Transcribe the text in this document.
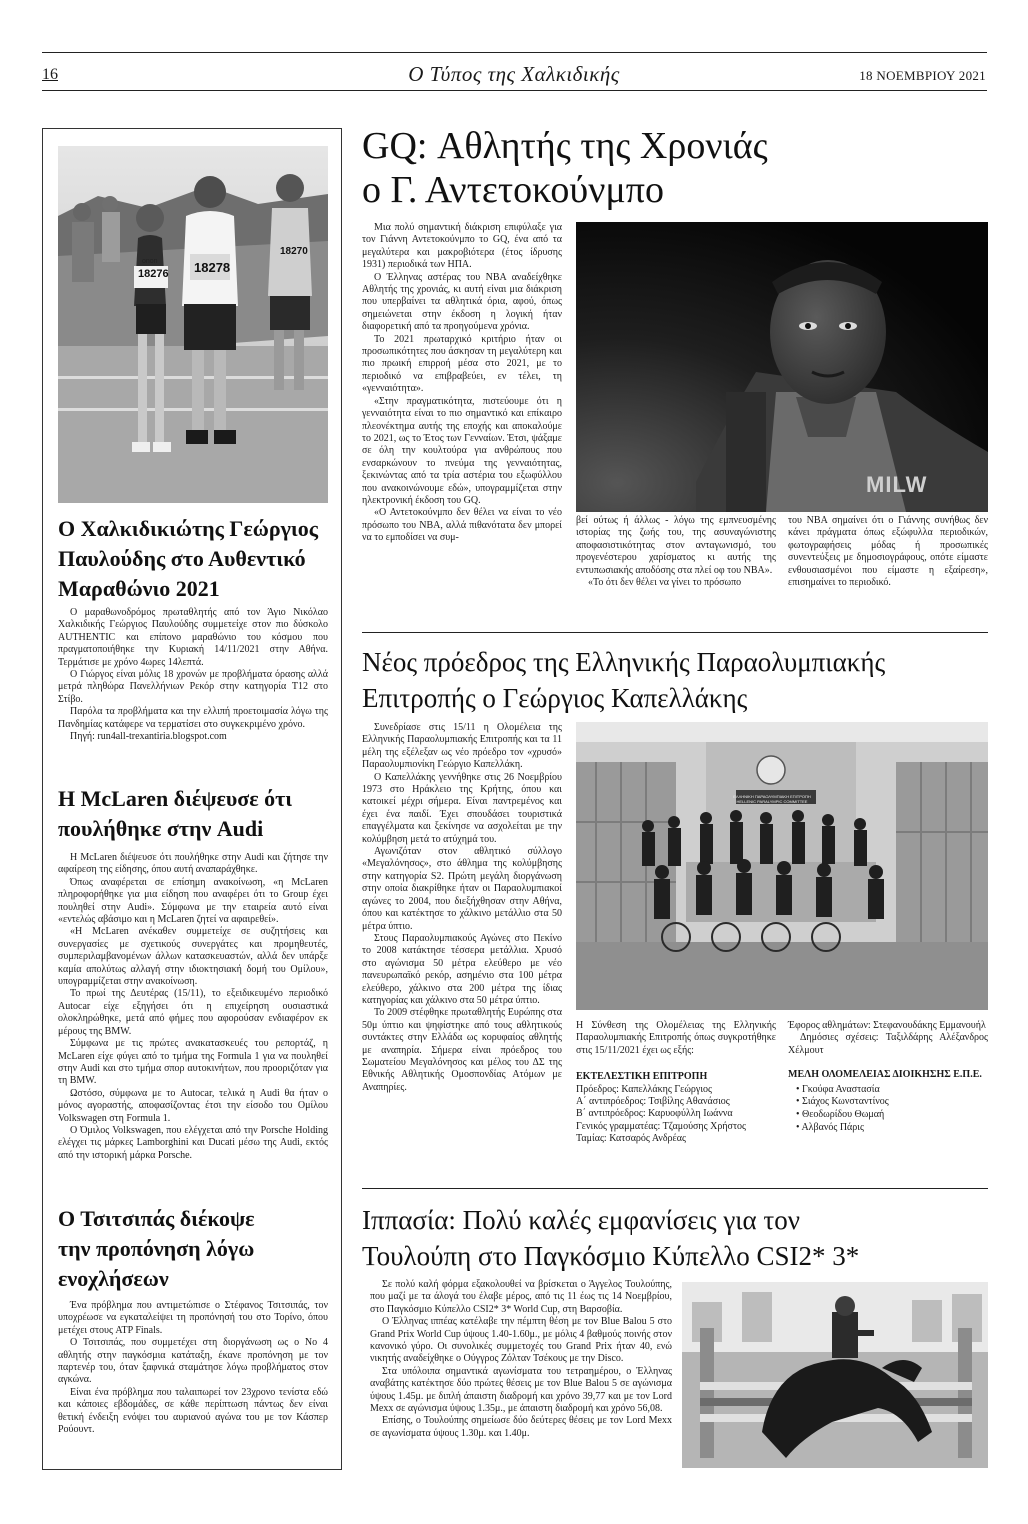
16	Ο Τύπος της Χαλκιδικής	18 ΝΟΕΜΒΡΙΟΥ 2021
onon
18276 18278
18270
Ο Χαλκιδικιώτης Γεώργιος Παυλούδης στο Αυθεντικό Μαραθώνιο 2021

Ο μαραθωνοδρόμος πρωταθλητής από τον Άγιο Νικόλαο Χαλκιδικής Γεώργιος Παυλούδης συμμετείχε στον πιο δύσκολο AUTHENTIC και επίπονο μαραθώνιο του κόσμου που πραγματοποιήθηκε την Κυριακή 14/11/2021 στην Αθήνα. Τερμάτισε με χρόνο 4ωρες 14λεπτά.

Ο Γιώργος είναι μόλις 18 χρονών με προβλήματα όρασης αλλά μετρά πληθώρα Πανελλήνιων Ρεκόρ στην κατηγορία T12 στο Στίβο.

Παρόλα τα προβλήματα και την ελλιπή προετοιμασία λόγω της Πανδημίας κατάφερε να τερματίσει στο συγκεκριμένο χρόνο.

Πηγή: run4all-trexantiria.blogspot.com

Η McLaren διέψευσε ότι πουλήθηκε στην Audi

Η McLaren διέψευσε ότι πουλήθηκε στην Audi και ζήτησε την αφαίρεση της είδησης, όπου αυτή αναπαράχθηκε.

Όπως αναφέρεται σε επίσημη ανακοίνωση, «η McLaren πληροφορήθηκε για μια είδηση που αναφέρει ότι το Group έχει πουληθεί στην Audi». Σύμφωνα με την εταιρεία αυτό είναι «εντελώς αβάσιμο και η McLaren ζητεί να αφαιρεθεί».

«Η McLaren ανέκαθεν συμμετείχε σε συζητήσεις και συνεργασίες με σχετικούς συνεργάτες και προμηθευτές, συμπεριλαμβανομένων άλλων κατασκευαστών, αλλά δεν υπάρξε καμία απολύτως αλλαγή στην ιδιοκτησιακή δομή του Ομίλου», υπογραμμίζεται στην ανακοίνωση.

Το πρωί της Δευτέρας (15/11), το εξειδικευμένο περιοδικό Autocar είχε εξηγήσει ότι η επιχείρηση ουσιαστικά ολοκληρώθηκε, μετά από φήμες που αφορούσαν ενδιαφέρον εκ μέρους της BMW.

Σύμφωνα με τις πρώτες ανακατασκευές του ρεπορτάζ, η McLaren είχε φύγει από το τμήμα της Formula 1 για να πουληθεί στην Audi και στο τμήμα σπορ αυτοκινήτων, που προοριζόταν για τη BMW.

Ωστόσο, σύμφωνα με το Autocar, τελικά η Audi θα ήταν ο μόνος αγοραστής, αποφασίζοντας έτσι την είσοδο του Ομίλου Volkswagen στη Formula 1.

Ο Όμιλος Volkswagen, που ελέγχεται από την Porsche Holding ελέγχει τις μάρκες Lamborghini και Ducati μέσω της Audi, εκτός από την ιστορική μάρκα Porsche.

Ο Τσιτσιπάς διέκοψε την προπόνηση λόγω ενοχλήσεων

Ένα πρόβλημα που αντιμετώπισε ο Στέφανος Τσιτσιπάς, τον υποχρέωσε να εγκαταλείψει τη προπόνησή του στο Τορίνο, όπου μετέχει στους ATP Finals.

Ο Τσιτσιπάς, που συμμετέχει στη διοργάνωση ως ο Νο 4 αθλητής στην παγκόσμια κατάταξη, έκανε προπόνηση με τον παρτενέρ του, όταν ξαφνικά σταμάτησε λόγω προβλήματος στον αγκώνα.

Είναι ένα πρόβλημα που ταλαιπωρεί τον 23χρονο τενίστα εδώ και κάποιες εβδομάδες, σε κάθε περίπτωση πάντως δεν είναι θετική ένδειξη ενόψει του αυριανού αγώνα του με τον Κάσπερ Ρούουντ.

GQ: Αθλητής της Χρονιάς
ο Γ. Αντετοκούνμπο

Μια πολύ σημαντική διάκριση επιφύλαξε για τον Γιάννη Αντετοκούνμπο το GQ, ένα από τα μεγαλύτερα και μακροβιότερα (έτος ίδρυσης 1931) περιοδικά των ΗΠΑ.

Ο Έλληνας αστέρας του NBA αναδείχθηκε Αθλητής της χρονιάς, κι αυτή είναι μια διάκριση που υπερβαίνει τα αθλητικά όρια, αφού, όπως σημειώνεται στην έκδοση η λογική ήταν διαφορετική από τα προηγούμενα χρόνια.

Το 2021 πρωταρχικό κριτήριο ήταν οι προσωπικότητες που άσκησαν τη μεγαλύτερη και πιο πρωική επιρροή μέσα στο 2021, με το περιοδικό να επιβραβεύει, εν τέλει, τη «γενναιότητα».

«Στην πραγματικότητα, πιστεύουμε ότι η γενναιότητα είναι το πιο σημαντικό και επίκαιρο πλεονέκτημα αυτής της εποχής και αποκαλούμε το 2021, ως το Έτος των Γενναίων. Έτσι, ψάξαμε σε όλη την κουλτούρα για ανθρώπους που ενσαρκώνουν το πνεύμα της γενναιότητας, ξεκινώντας από τα τρία αστέρια του εξωφύλλου που ανακοινώνουμε εδώ», υπογραμμίζεται στην ηλεκτρονική έκδοση του GQ.

«Ο Αντετοκούνμπο δεν θέλει να είναι το νέο πρόσωπο του NBA, αλλά πιθανότατα δεν μπορεί να το εμποδίσει να συμ-

MILW

βεί ούτως ή άλλως - λόγω της εμπνευσμένης ιστορίας της ζωής του, της ασυναγώνιστης αποφασιστικότητας στον ανταγωνισμό, του προγενέστερου χαρίσματος κι αυτής της εντυπωσιακής αποδόσης στα πλεί οφ του NBA».

«Το ότι δεν θέλει να γίνει το πρόσωπο

του NBA σημαίνει ότι ο Γιάννης συνήθως δεν κάνει πράγματα όπως εξώφυλλα περιοδικών, φωτογραφήσεις μόδας ή προσωπικές συνεντεύξεις με δημοσιογράφους, οπότε είμαστε ενθουσιασμένοι που είμαστε η εξαίρεση», επισημαίνει το περιοδικό.

Νέος πρόεδρος της Ελληνικής Παραολυμπιακής
Επιτροπής ο Γεώργιος Καπελλάκης

Συνεδρίασε στις 15/11 η Ολομέλεια της Ελληνικής Παραολυμπιακής Επιτροπής και τα 11 μέλη της εξέλεξαν ως νέο πρόεδρο τον «χρυσό» Παραολυμπιονίκη Γεώργιο Καπελλάκη.

Ο Καπελλάκης γεννήθηκε στις 26 Νοεμβρίου 1973 στο Ηράκλειο της Κρήτης, όπου και κατοικεί μέχρι σήμερα. Είναι παντρεμένος και έχει ένα παιδί. Έχει σπουδάσει τουριστικά επαγγέλματα και ξεκίνησε να ασχολείται με την κολύμβηση μετά το ατύχημά του.

Αγωνιζόταν στον αθλητικό σύλλογο «Μεγαλόνησος», στο άθλημα της κολύμβησης στην κατηγορία S2. Πρώτη μεγάλη διοργάνωση στην οποία διακρίθηκε ήταν οι Παραολυμπιακοί αγώνες το 2004, που διεξήχθησαν στην Αθήνα, όπου και κατέκτησε το χάλκινο μετάλλιο στα 50 μέτρα ύπτιο.

Στους Παραολυμπιακούς Αγώνες στο Πεκίνο το 2008 κατάκτησε τέσσερα μετάλλια. Χρυσό στο αγώνισμα 50 μέτρα ελεύθερο με νέο πανευρωπαϊκό ρεκόρ, ασημένιο στα 100 μέτρα ελεύθερο, χάλκινο στα 200 μέτρα της ίδιας κατηγορίας και χάλκινο στα 50 μέτρα ύπτιο.

Το 2009 στέφθηκε πρωταθλητής Ευρώπης στα 50μ ύπτιο και ψηφίστηκε από τους αθλητικούς συντάκτες στην Ελλάδα ως κορυφαίος αθλητής με αναπηρία. Σήμερα είναι πρόεδρος του Σωματείου Μεγαλόνησος και μέλος του ΔΣ της Εθνικής Αθλητικής Ομοσπονδίας Ατόμων με Αναπηρίες.

ΕΛΛΗΝΙΚΗ ΠΑΡΑΟΛΥΜΠΙΑΚΗ ΕΠΙΤΡΟΠΗ
HELLENIC PARALYMPIC COMMITTEE

Η Σύνθεση της Ολομέλειας της Ελληνικής Παραολυμπιακής Επιτροπής όπως συγκροτήθηκε στις 15/11/2021 έχει ως εξής:

ΕΚΤΕΛΕΣΤΙΚΗ ΕΠΙΤΡΟΠΗ
Πρόεδρος: Καπελλάκης Γεώργιος
Α΄ αντιπρόεδρος: Τσιβίλης Αθανάσιος
Β΄ αντιπρόεδρος: Καρυοφύλλη Ιωάννα
Γενικός γραμματέας: Τζαμούσης Χρήστος
Ταμίας: Κατσαρός Ανδρέας

Έφορος αθλημάτων: Στεφανουδάκης Εμμανουήλ

Δημόσιες σχέσεις: Ταξιλδάρης Αλέξανδρος Χέλμουτ

ΜΕΛΗ ΟΛΟΜΕΛΕΙΑΣ ΔΙΟΙΚΗΣΗΣ Ε.Π.Ε.
• Γκούφα Αναστασία
• Σιάχος Κωνσταντίνος
• Θεοδωρίδου Θωμαή
• Αλβανός Πάρις
Ιππασία: Πολύ καλές εμφανίσεις για τον
Τουλούπη στο Παγκόσμιο Κύπελλο CSI2* 3*

Σε πολύ καλή φόρμα εξακολουθεί να βρίσκεται ο Άγγελος Τουλούπης, που μαζί με τα άλογά του έλαβε μέρος, από τις 11 έως τις 14 Νοεμβρίου, στο Παγκόσμιο Κύπελλο CSI2* 3* World Cup, στη Βαρσοβία.

Ο Έλληνας ιππέας κατέλαβε την πέμπτη θέση με τον Blue Balou 5 στο Grand Prix World Cup ύψους 1.40-1.60μ., με μόλις 4 βαθμούς ποινής στον κανονικό γύρο. Οι συνολικές συμμετοχές του Grand Prix ήταν 40, ενώ νικητής αναδείχθηκε ο Ούγγρος Ζόλταν Τσέκους με την Disco.

Στα υπόλοιπα σημαντικά αγωνίσματα του τετραημέρου, ο Έλληνας αναβάτης κατέκτησε δύο πρώτες θέσεις με τον Blue Balou 5 σε αγώνισμα ύψους 1.45μ. με διπλή άπαιστη διαδρομή και χρόνο 39,77 και με τον Lord Mexx σε αγώνισμα ύψους 1.35μ., με άπαιστη διαδρομή και χρόνο 56,08.

Επίσης, ο Τουλούπης σημείωσε δύο δεύτερες θέσεις με τον Lord Mexx σε αγωνίσματα ύψους 1.30μ. και 1.40μ.
